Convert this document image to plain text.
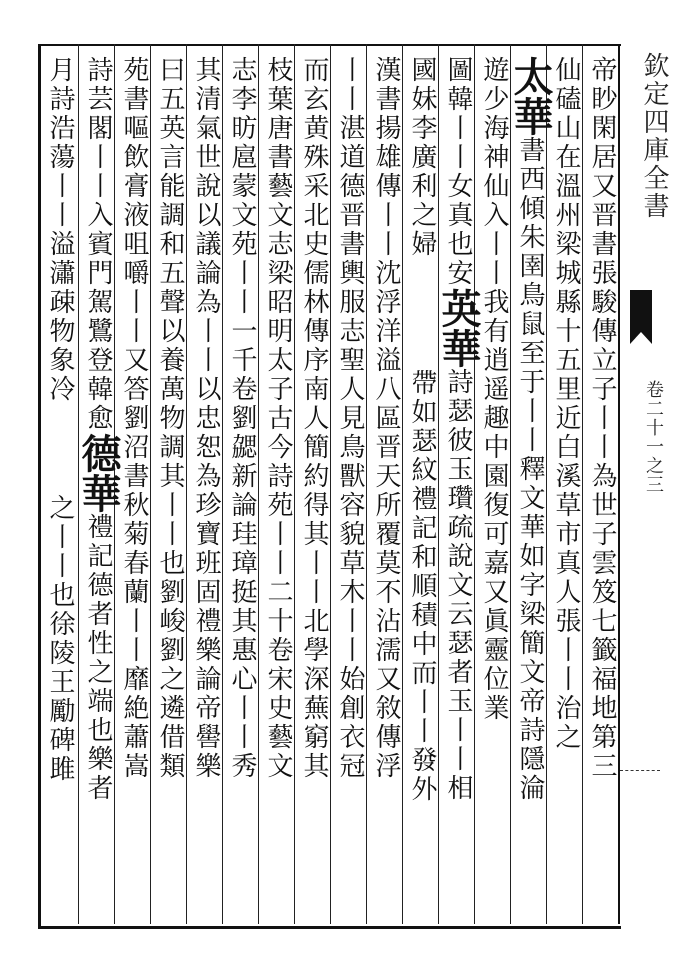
欽定四庫全書
卷二十一之三
帝眇閑居又晋書張駿傳立子丨丨為世子雲笈七籤福地第三
仙磕山在溫州梁城縣十五里近白溪草市真人張丨丨治之
太華書西傾朱圉鳥鼠至于丨丨釋文華如字梁簡文帝詩隱淪
遊少海神仙入丨丨我有逍遥趣中園復可嘉又眞靈位業
圖韓丨丨女真也安英華詩瑟彼玉瓚疏說文云瑟者玉丨丨相
國妹李廣利之婦帶如瑟紋禮記和順積中而丨丨發外
漢書揚雄傳丨丨沈浮洋溢八區晋天所覆莫不沾濡又敘傳浮
丨丨湛道德晋書輿服志聖人見鳥獸容貌草木丨丨始創衣冠
而玄黄殊采北史儒林傳序南人簡約得其丨丨北學深蕪窮其
枝葉唐書藝文志梁昭明太子古今詩苑丨丨二十卷宋史藝文
志李昉扈蒙文苑丨丨一千卷劉勰新論珪璋挺其惠心丨丨秀
其清氣世說以議論為丨丨以忠恕為珍寶班固禮樂論帝嚳樂
曰五英言能調和五聲以養萬物調其丨丨也劉峻劉之遴借類
苑書嘔飲膏液咀嚼丨丨又答劉沼書秋菊春蘭丨丨靡絶蕭嵩
詩芸閣丨丨入賓門駕鷺登韓愈德華禮記德者性之端也樂者
月詩浩蕩丨丨溢瀟疎物象冷之丨丨也徐陵王勵碑雎
